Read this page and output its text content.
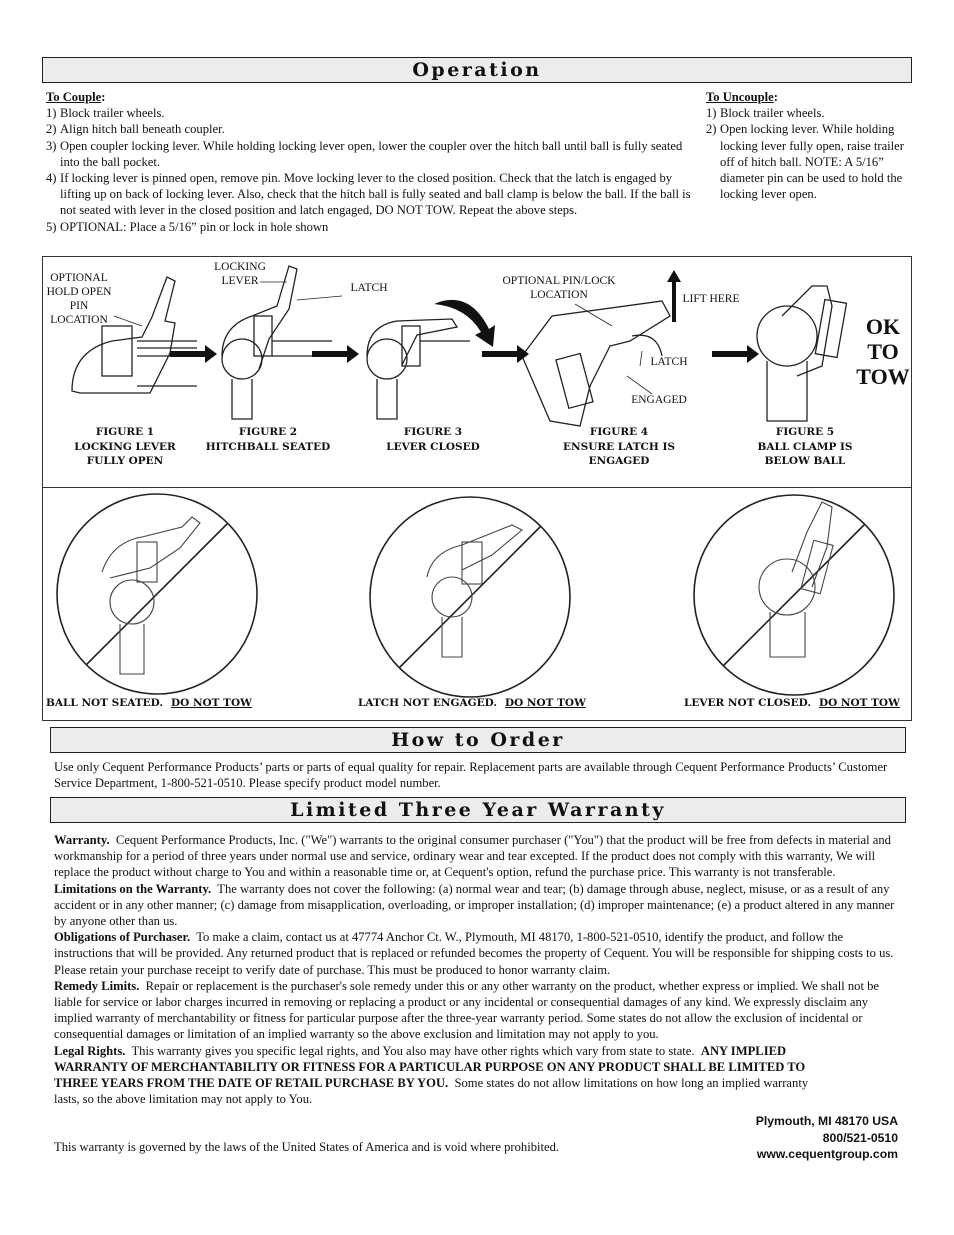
Operation
To Couple:
1) Block trailer wheels.
2) Align hitch ball beneath coupler.
3) Open coupler locking lever. While holding locking lever open, lower the coupler over the hitch ball until ball is fully seated into the ball pocket.
4) If locking lever is pinned open, remove pin. Move locking lever to the closed position. Check that the latch is engaged by lifting up on back of locking lever. Also, check that the hitch ball is fully seated and ball clamp is below the ball. If the ball is not seated with lever in the closed position and latch engaged, DO NOT TOW. Repeat the above steps.
5) OPTIONAL: Place a 5/16” pin or lock in hole shown
To Uncouple:
1) Block trailer wheels.
2) Open locking lever. While holding locking lever fully open, raise trailer off of hitch ball. NOTE: A 5/16” diameter pin can be used to hold the locking lever open.
OPTIONAL HOLD OPEN PIN LOCATION
LOCKING LEVER
LATCH
OPTIONAL PIN/LOCK LOCATION	LIFT HERE
LATCH
ENGAGED
OK
TO
TOW
FIGURE 1
LOCKING LEVER
FULLY OPEN
FIGURE 2
HITCHBALL SEATED
FIGURE 3
LEVER CLOSED
FIGURE 4
ENSURE LATCH IS
ENGAGED
FIGURE 5
BALL CLAMP IS
BELOW BALL
BALL NOT SEATED. DO NOT TOW	LATCH NOT ENGAGED. DO NOT TOW	LEVER NOT CLOSED. DO NOT TOW
How to Order
Use only Cequent Performance Products’ parts or parts of equal quality for repair. Replacement parts are available through Cequent Performance Products’ Customer Service Department, 1-800-521-0510. Please specify product model number.
Limited Three Year Warranty
Warranty. Cequent Performance Products, Inc. ("We") warrants to the original consumer purchaser ("You") that the product will be free from defects in material and workmanship for a period of three years under normal use and service, ordinary wear and tear excepted. If the product does not comply with this warranty, We will replace the product without charge to You and within a reasonable time or, at Cequent's option, refund the purchase price. This warranty is not transferable.
Limitations on the Warranty. The warranty does not cover the following: (a) normal wear and tear; (b) damage through abuse, neglect, misuse, or as a result of any accident or in any other manner; (c) damage from misapplication, overloading, or improper installation; (d) improper maintenance; (e) a product altered in any manner by anyone other than us.
Obligations of Purchaser. To make a claim, contact us at 47774 Anchor Ct. W., Plymouth, MI 48170, 1-800-521-0510, identify the product, and follow the instructions that will be provided. Any returned product that is replaced or refunded becomes the property of Cequent. You will be responsible for shipping costs to us. Please retain your purchase receipt to verify date of purchase. This must be produced to honor warranty claim.
Remedy Limits. Repair or replacement is the purchaser's sole remedy under this or any other warranty on the product, whether express or implied. We shall not be liable for service or labor charges incurred in removing or replacing a product or any incidental or consequential damages of any kind. We expressly disclaim any implied warranty of merchantability or fitness for particular purpose after the three-year warranty period. Some states do not allow the exclusion of incidental or consequential damages or limitation of an implied warranty so the above exclusion and limitation may not apply to you.
Legal Rights. This warranty gives you specific legal rights, and You also may have other rights which vary from state to state. ANY IMPLIED WARRANTY OF MERCHANTABILITY OR FITNESS FOR A PARTICULAR PURPOSE ON ANY PRODUCT SHALL BE LIMITED TO THREE YEARS FROM THE DATE OF RETAIL PURCHASE BY YOU. Some states do not allow limitations on how long an implied warranty lasts, so the above limitation may not apply to You.
This warranty is governed by the laws of the United States of America and is void where prohibited.
Plymouth, MI 48170 USA
800/521-0510
www.cequentgroup.com
